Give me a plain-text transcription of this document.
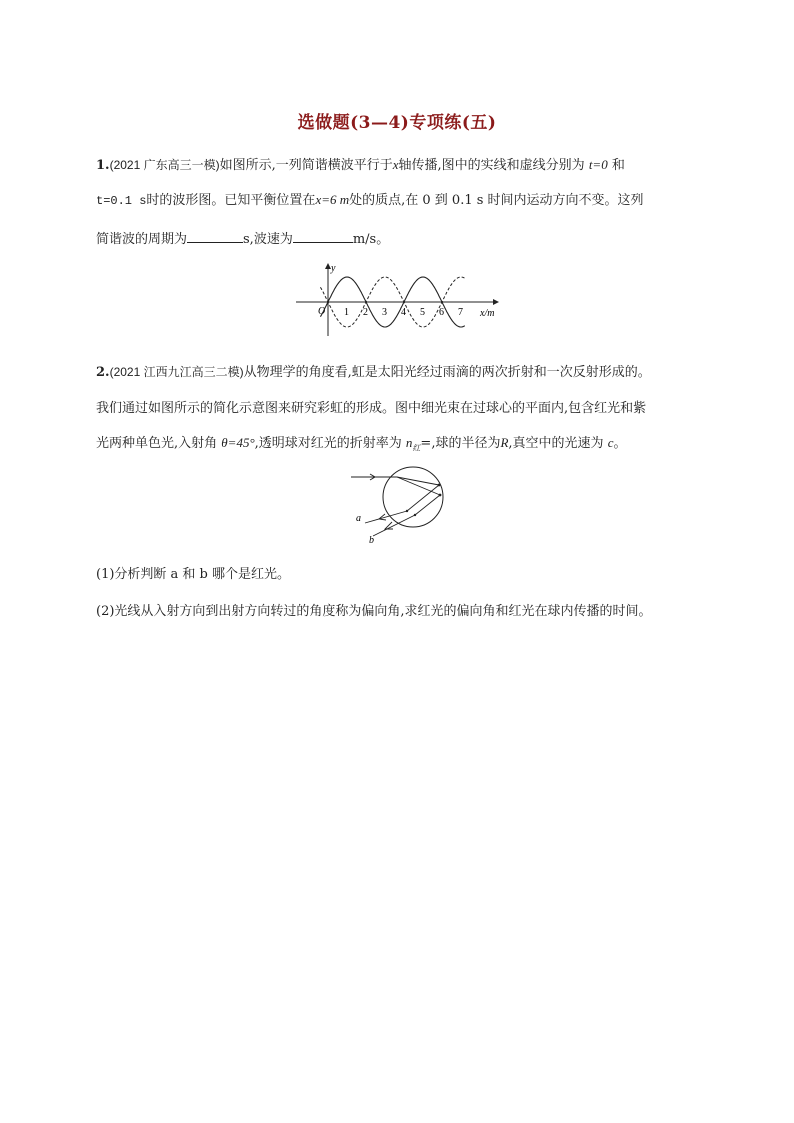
选做题(3—4)专项练(五)
1.(2021 广东高三一模)如图所示,一列简谐横波平行于x轴传播,图中的实线和虚线分别为 t=0 和
t=0.1 s时的波形图。已知平衡位置在x=6 m处的质点,在 0 到 0.1 s 时间内运动方向不变。这列
简谐波的周期为	s,波速为	m/s。
y
x/m
O 1 2 3 4 5 6 7
2.(2021 江西九江高三二模)从物理学的角度看,虹是太阳光经过雨滴的两次折射和一次反射形成的。
我们通过如图所示的简化示意图来研究彩虹的形成。图中细光束在过球心的平面内,包含红光和紫
光两种单色光,入射角 θ=45°,透明球对红光的折射率为 $n_红=$,球的半径为R,真空中的光速为 c。
a
b
(1)分析判断 a 和 b 哪个是红光。
(2)光线从入射方向到出射方向转过的角度称为偏向角,求红光的偏向角和红光在球内传播的时间。
